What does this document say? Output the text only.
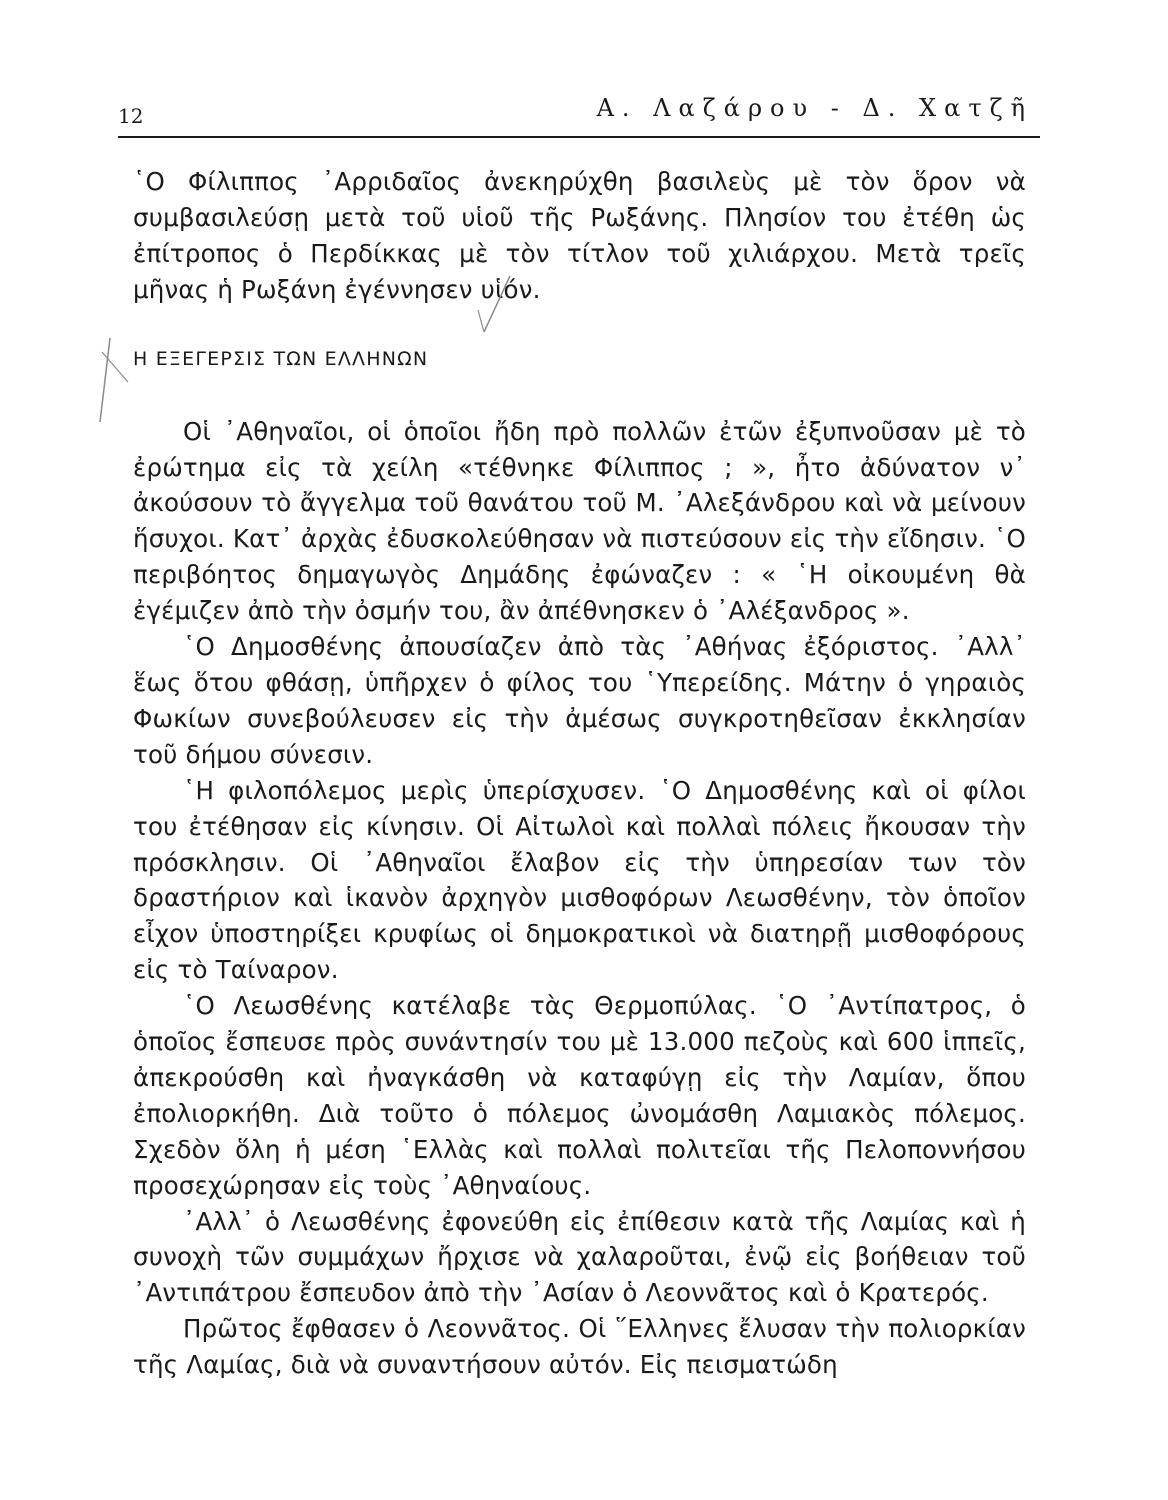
12	Α. Λαζάρου - Δ. Χατζῆ

῾Ο Φίλιππος ᾿Αρριδαῖος ἀνεκηρύχθη βασιλεὺς μὲ τὸν ὅρον νὰ συμβασιλεύσῃ μετὰ τοῦ υἱοῦ τῆς Ρωξάνης. Πλησίον του ἐτέθη ὡς ἐπίτροπος ὁ Περδίκκας μὲ τὸν τίτλον τοῦ χιλιάρχου. Μετὰ τρεῖς μῆνας ἡ Ρωξάνη ἐγέννησεν υἱόν.

Η ΕΞΕΓΕΡΣΙΣ ΤΩΝ ΕΛΛΗΝΩΝ

Οἱ ᾿Αθηναῖοι, οἱ ὁποῖοι ἤδη πρὸ πολλῶν ἐτῶν ἐξυπνοῦσαν μὲ τὸ ἐρώτημα εἰς τὰ χείλη «τέθνηκε Φίλιππος ; », ἦτο ἀδύνατον ν᾿ ἀκούσουν τὸ ἄγγελμα τοῦ θανάτου τοῦ Μ. ᾿Αλεξάνδρου καὶ νὰ μείνουν ἥσυχοι. Κατ᾿ ἀρχὰς ἐδυσκολεύθησαν νὰ πιστεύσουν εἰς τὴν εἴδησιν. ῾Ο περιβόητος δημαγωγὸς Δημάδης ἐφώναζεν : « ῾Η οἰκουμένη θὰ ἐγέμιζεν ἀπὸ τὴν ὀσμήν του, ἂν ἀπέθνησκεν ὁ ᾿Αλέξανδρος ».

῾Ο Δημοσθένης ἀπουσίαζεν ἀπὸ τὰς ᾿Αθήνας ἐξόριστος. ᾿Αλλ᾿ ἕως ὅτου φθάσῃ, ὑπῆρχεν ὁ φίλος του ῾Υπερείδης. Μάτην ὁ γηραιὸς Φωκίων συνεβούλευσεν εἰς τὴν ἀμέσως συγκροτηθεῖσαν ἐκκλησίαν τοῦ δήμου σύνεσιν.

῾Η φιλοπόλεμος μερὶς ὑπερίσχυσεν. ῾Ο Δημοσθένης καὶ οἱ φίλοι του ἐτέθησαν εἰς κίνησιν. Οἱ Αἰτωλοὶ καὶ πολλαὶ πόλεις ἤκουσαν τὴν πρόσκλησιν. Οἱ ᾿Αθηναῖοι ἔλαβον εἰς τὴν ὑπηρεσίαν των τὸν δραστήριον καὶ ἱκανὸν ἀρχηγὸν μισθοφόρων Λεωσθένην, τὸν ὁποῖον εἶχον ὑποστηρίξει κρυφίως οἱ δημοκρατικοὶ νὰ διατηρῇ μισθοφόρους εἰς τὸ Ταίναρον.

῾Ο Λεωσθένης κατέλαβε τὰς Θερμοπύλας. ῾Ο ᾿Αντίπατρος, ὁ ὁποῖος ἔσπευσε πρὸς συνάντησίν του μὲ 13.000 πεζοὺς καὶ 600 ἱππεῖς, ἀπεκρούσθη καὶ ἠναγκάσθη νὰ καταφύγῃ εἰς τὴν Λαμίαν, ὅπου ἐπολιορκήθη. Διὰ τοῦτο ὁ πόλεμος ὠνομάσθη Λαμιακὸς πόλεμος. Σχεδὸν ὅλη ἡ μέση ῾Ελλὰς καὶ πολλαὶ πολιτεῖαι τῆς Πελοποννήσου προσεχώρησαν εἰς τοὺς ᾿Αθηναίους.

᾿Αλλ᾿ ὁ Λεωσθένης ἐφονεύθη εἰς ἐπίθεσιν κατὰ τῆς Λαμίας καὶ ἡ συνοχὴ τῶν συμμάχων ἤρχισε νὰ χαλαροῦται, ἐνῷ εἰς βοήθειαν τοῦ ᾿Αντιπάτρου ἔσπευδον ἀπὸ τὴν ᾿Ασίαν ὁ Λεοννᾶτος καὶ ὁ Κρατερός.

Πρῶτος ἔφθασεν ὁ Λεοννᾶτος. Οἱ ῞Ελληνες ἔλυσαν τὴν πολιορκίαν τῆς Λαμίας, διὰ νὰ συναντήσουν αὐτόν. Εἰς πεισματώδη
